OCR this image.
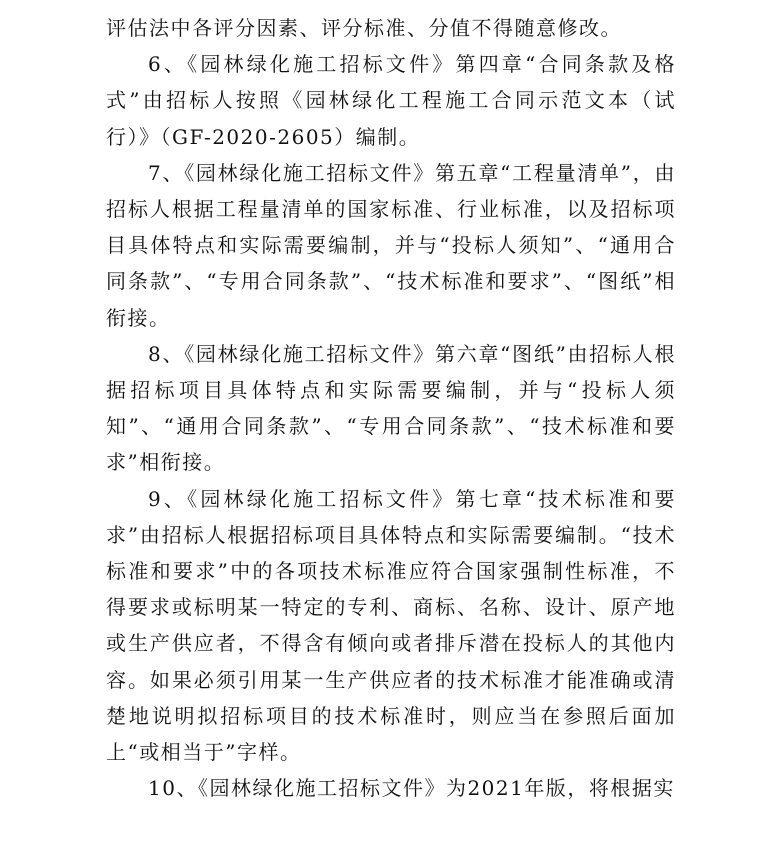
评估法中各评分因素、评分标准、分值不得随意修改。

6、《园林绿化施工招标文件》第四章“合同条款及格式”由招标人按照《园林绿化工程施工合同示范文本（试行）》（GF-2020-2605）编制。

7、《园林绿化施工招标文件》第五章“工程量清单”，由招标人根据工程量清单的国家标准、行业标准，以及招标项目具体特点和实际需要编制，并与“投标人须知”、“通用合同条款”、“专用合同条款”、“技术标准和要求”、“图纸”相衔接。

8、《园林绿化施工招标文件》第六章“图纸”由招标人根据招标项目具体特点和实际需要编制，并与“投标人须知”、“通用合同条款”、“专用合同条款”、“技术标准和要求”相衔接。

9、《园林绿化施工招标文件》第七章“技术标准和要求”由招标人根据招标项目具体特点和实际需要编制。“技术标准和要求”中的各项技术标准应符合国家强制性标准，不得要求或标明某一特定的专利、商标、名称、设计、原产地或生产供应者，不得含有倾向或者排斥潜在投标人的其他内容。如果必须引用某一生产供应者的技术标准才能准确或清楚地说明拟招标项目的技术标准时，则应当在参照后面加上“或相当于”字样。

10、《园林绿化施工招标文件》为2021年版，将根据实
